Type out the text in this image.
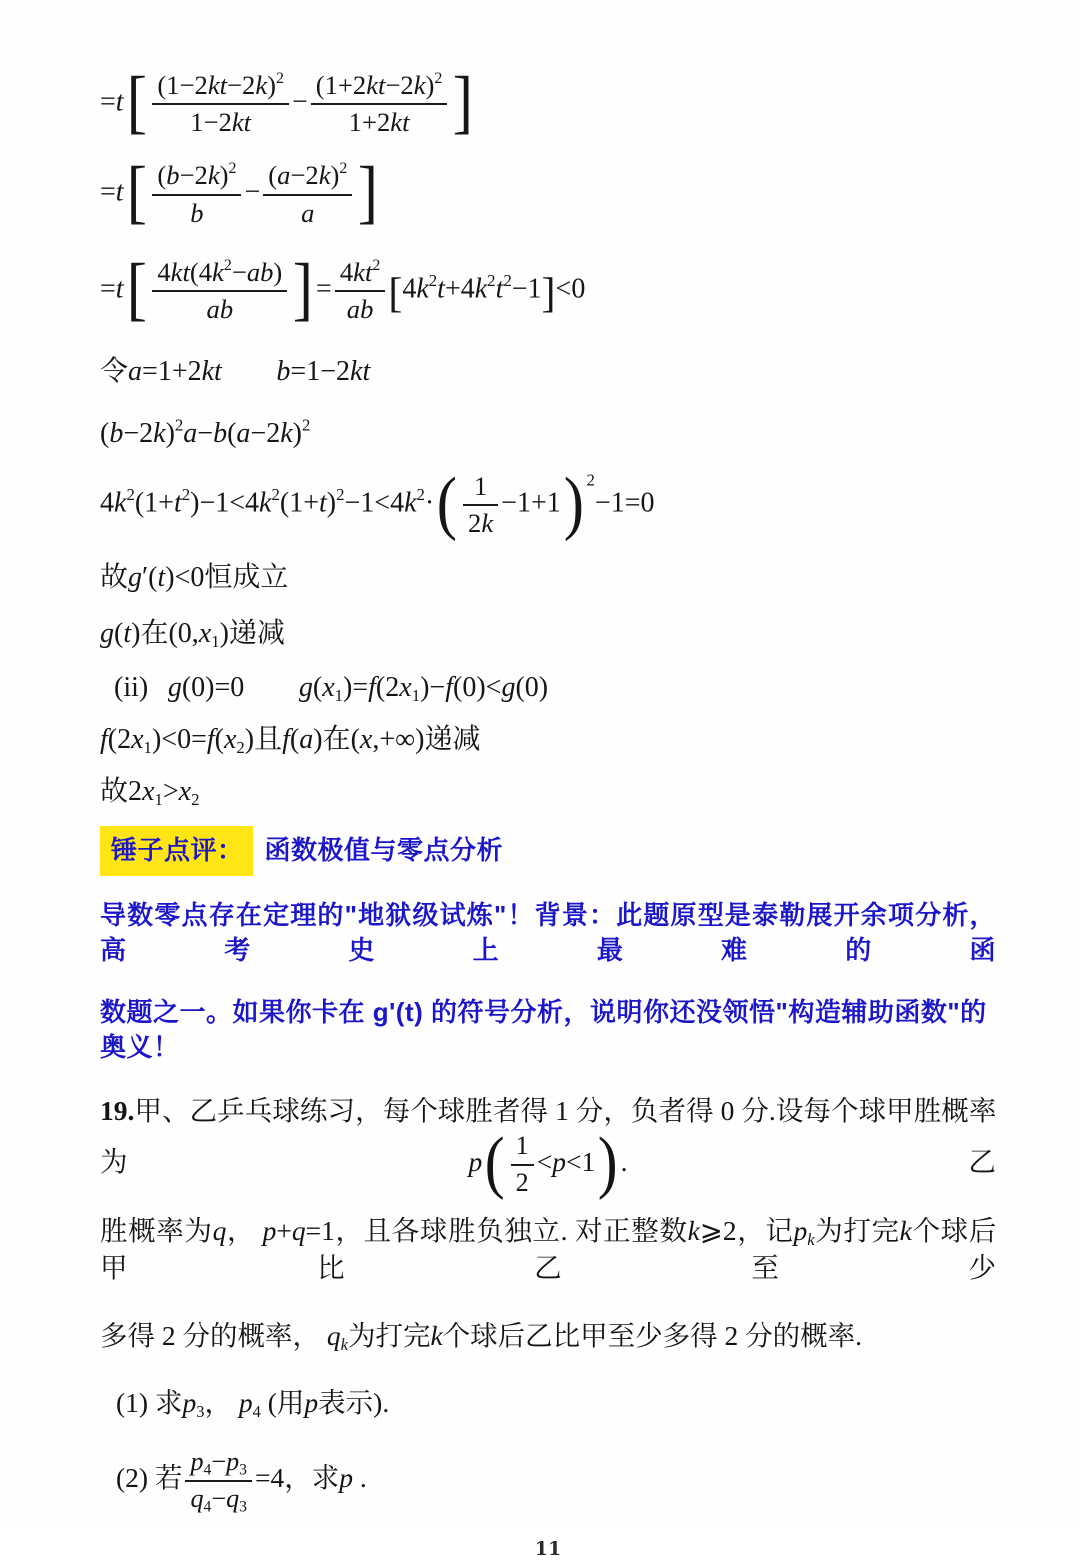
$=t[ \frac{(1-2kt-2k)^2}{1-2kt} - \frac{(1+2kt-2k)^2}{1+2kt}$ ]
$=t[ \frac{(b-2k)^2}{b} - \frac{(a-2k)^2}{a}$ ]
$=t[ \frac{4kt(4k^2-ab)}{ab}$ ]= $\frac{4kt^2}{ab} [4k^2t+4k^2t^2-1]<0$
令a=1+2kt b=1−2kt
$(b-2k)^2a-b(a-2k)^2$
$4k^2(1+t^2)-1<4k^2(1+t)^2-1<4k^2\cdot( \frac{1}{2k} -1+1)$ $^2$−1=0
故g′(t)<0恒成立
g(t)在$(0,x_1)$递减
(ii) g(0)=0 $g(x_1)=f(2x_1)-f(0)<g(0)$
$f(2x_1)<0=f(x_2)$且f(a)在(x,+∞)递减
故$2x_1>x_2$
锤子点评： 函数极值与零点分析
导数零点存在定理的"地狱级试炼"！背景：此题原型是泰勒展开余项分析，高考史上最难的函
数题之一。如果你卡在 g'(t) 的符号分析，说明你还没领悟"构造辅助函数"的奥义！
19.甲、乙乒乓球练习，每个球胜者得 1 分，负者得 0 分.设每个球甲胜概率为$p( \frac{1}{2} <p<1)$ .乙
胜概率为q， p+q=1，且各球胜负独立. 对正整数k⩾2，记$p_k$为打完k个球后甲比乙至少
多得 2 分的概率， $q_k$为打完k个球后乙比甲至少多得 2 分的概率.
(1) 求$p_3$， $p_4$ (用p表示).
(2) 若 $\frac{p_4-p_3}{q_4-q_3} =4$，求p .
11
